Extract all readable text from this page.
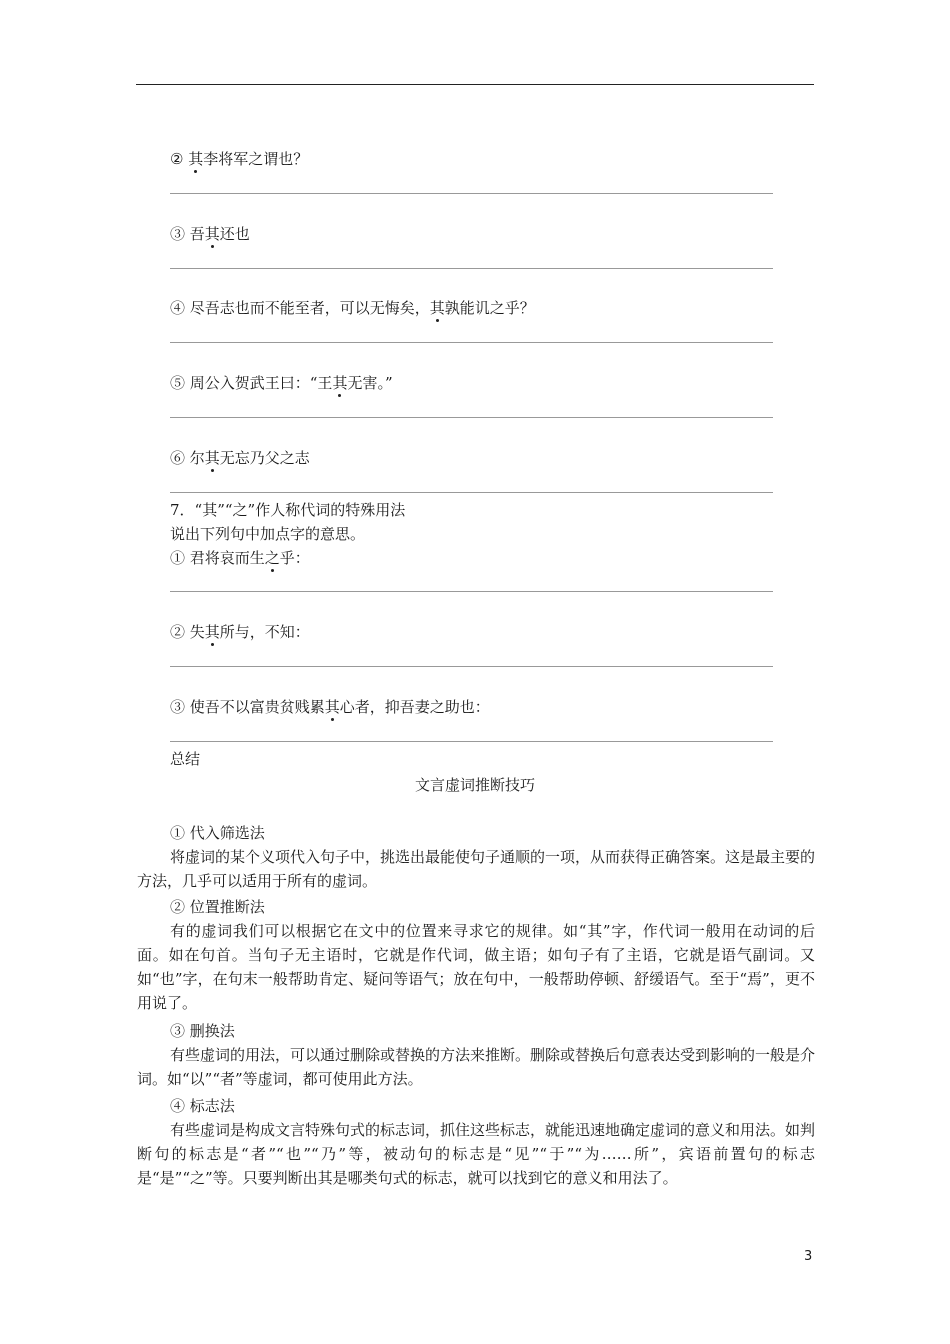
② 其李将军之谓也？
③ 吾其还也
④ 尽吾志也而不能至者，可以无悔矣，其孰能讥之乎？
⑤ 周公入贺武王曰：“王其无害。”
⑥ 尔其无忘乃父之志
7．“其”“之”作人称代词的特殊用法
说出下列句中加点字的意思。
① 君将哀而生之乎：
② 失其所与，不知：
③ 使吾不以富贵贫贱累其心者，抑吾妻之助也：
总结
文言虚词推断技巧
① 代入筛选法
将虚词的某个义项代入句子中，挑选出最能使句子通顺的一项，从而获得正确答案。这是最主要的方法，几乎可以适用于所有的虚词。
② 位置推断法
有的虚词我们可以根据它在文中的位置来寻求它的规律。如“其”字，作代词一般用在动词的后面。如在句首。当句子无主语时，它就是作代词，做主语；如句子有了主语，它就是语气副词。又如“也”字，在句末一般帮助肯定、疑问等语气；放在句中，一般帮助停顿、舒缓语气。至于“焉”，更不用说了。
③ 删换法
有些虚词的用法，可以通过删除或替换的方法来推断。删除或替换后句意表达受到影响的一般是介词。如“以”“者”等虚词，都可使用此方法。
④ 标志法
有些虚词是构成文言特殊句式的标志词，抓住这些标志，就能迅速地确定虚词的意义和用法。如判断句的标志是“者”“也”“乃”等，被动句的标志是“见”“于”“为……所”，宾语前置句的标志是“是”“之”等。只要判断出其是哪类句式的标志，就可以找到它的意义和用法了。
3
